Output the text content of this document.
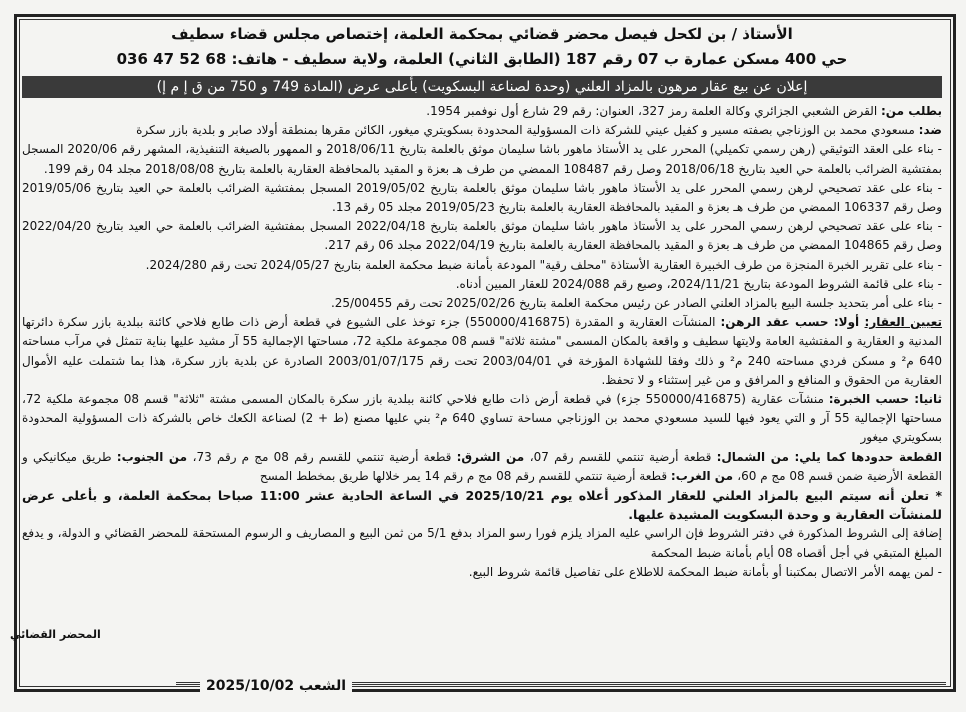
الأستاذ / بن لكحل فيصل محضر قضائي بمحكمة العلمة، إختصاص مجلس قضاء سطيف
حي 400 مسكن عمارة ب 07 رقم 187 (الطابق الثاني) العلمة، ولاية سطيف - هاتف: 68 52 47 036
إعلان عن بيع عقار مرهون بالمزاد العلني (وحدة لصناعة البسكويت) بأعلى عرض (المادة 749 و 750 من ق إ م إ)

بطلب من: القرض الشعبي الجزائري وكالة العلمة رمز 327، العنوان: رقم 29 شارع أول نوفمبر 1954.

ضد: مسعودي محمد بن الوزناجي بصفته مسير و كفيل عيني للشركة ذات المسؤولية المحدودة بسكويتري ميغور، الكائن مقرها بمنطقة أولاد صابر و بلدية بازر سكرة

- بناء على العقد التوثيقي (رهن رسمي تكميلي) المحرر على يد الأستاذ ماهور باشا سليمان موثق بالعلمة بتاريخ 2018/06/11 و الممهور بالصيغة التنفيذية، المشهر رقم 2020/06 المسجل بمفتشية الضرائب بالعلمة حي العيد بتاريخ 2018/06/18 وصل رقم 108487 الممضي من طرف هـ بعزة و المقيد بالمحافظة العقارية بالعلمة بتاريخ 2018/08/08 مجلد 04 رقم 199.

- بناء على عقد تصحيحي لرهن رسمي المحرر على يد الأستاذ ماهور باشا سليمان موثق بالعلمة بتاريخ 2019/05/02 المسجل بمفتشية الضرائب بالعلمة حي العيد بتاريخ 2019/05/06 وصل رقم 106337 الممضي من طرف هـ بعزة و المقيد بالمحافظة العقارية بالعلمة بتاريخ 2019/05/23 مجلد 05 رقم 13.

- بناء على عقد تصحيحي لرهن رسمي المحرر على يد الأستاذ ماهور باشا سليمان موثق بالعلمة بتاريخ 2022/04/18 المسجل بمفتشية الضرائب بالعلمة حي العيد بتاريخ 2022/04/20 وصل رقم 104865 الممضي من طرف هـ بعزة و المقيد بالمحافظة العقارية بالعلمة بتاريخ 2022/04/19 مجلد 06 رقم 217.

- بناء على تقرير الخبرة المنجزة من طرف الخبيرة العقارية الأستاذة "محلف رقية" المودعة بأمانة ضبط محكمة العلمة بتاريخ 2024/05/27 تحت رقم 2024/280.

- بناء على قائمة الشروط المودعة بتاريخ 2024/11/21، وصبع رقم 2024/088 للعقار المبين أدناه.

- بناء على أمر بتحديد جلسة البيع بالمزاد العلني الصادر عن رئيس محكمة العلمة بتاريخ 2025/02/26 تحت رقم 25/00455.

تعيين العقار: أولا: حسب عقد الرهن: المنشآت العقارية و المقدرة (550000/416875) جزء توخذ على الشيوع في قطعة أرض ذات طابع فلاحي كائنة ببلدية بازر سكرة دائرتها المدنية و العقارية و المفتشية العامة ولايتها سطيف و واقعة بالمكان المسمى "مشتة ثلاثة" قسم 08 مجموعة ملكية 72، مساحتها الإجمالية 55 آر مشيد عليها بناية تتمثل في مرآب مساحته 640 م² و مسكن فردي مساحته 240 م² و ذلك وفقا للشهادة المؤرخة في 2003/04/01 تحت رقم 2003/01/07/175 الصادرة عن بلدية بازر سكرة، هذا بما شتملت عليه الأموال العقارية من الحقوق و المنافع و المرافق و من غير إستثناء و لا تحفظ.

ثانيا: حسب الخبرة: منشآت عقارية (550000/416875 جزء) في قطعة أرض ذات طابع فلاحي كائنة ببلدية بازر سكرة بالمكان المسمى مشتة "ثلاثة" قسم 08 مجموعة ملكية 72، مساحتها الإجمالية 55 آر و التي يعود فيها للسيد مسعودي محمد بن الوزناجي مساحة تساوي 640 م² بني عليها مصنع (ط + 2) لصناعة الكعك خاص بالشركة ذات المسؤولية المحدودة بسكويتري ميغور

القطعة حدودها كما يلي: من الشمال: قطعة أرضية تنتمي للقسم رقم 07، من الشرق: قطعة أرضية تنتمي للقسم رقم 08 مج م رقم 73، من الجنوب: طريق ميكانيكي و القطعة الأرضية ضمن قسم 08 مج م 60، من الغرب: قطعة أرضية تنتمي للقسم رقم 08 مج م رقم 14 يمر خلالها طريق بمخطط المسح

* تعلن أنه سيتم البيع بالمزاد العلني للعقار المذكور أعلاه يوم 2025/10/21 في الساعة الحادية عشر 11:00 صباحا بمحكمة العلمة، و بأعلى عرض للمنشآت العقارية و وحدة البسكويت المشيدة عليها.

إضافة إلى الشروط المذكورة في دفتر الشروط فإن الراسي عليه المزاد يلزم فورا رسو المزاد بدفع 5/1 من ثمن البيع و المصاريف و الرسوم المستحقة للمحضر القضائي و الدولة، و يدفع المبلغ المتبقي في أجل أقصاه 08 أيام بأمانة ضبط المحكمة

- لمن يهمه الأمر الاتصال بمكتبنا أو بأمانة ضبط المحكمة للاطلاع على تفاصيل قائمة شروط البيع.

المحضر القضائي
الشعب 2025/10/02
